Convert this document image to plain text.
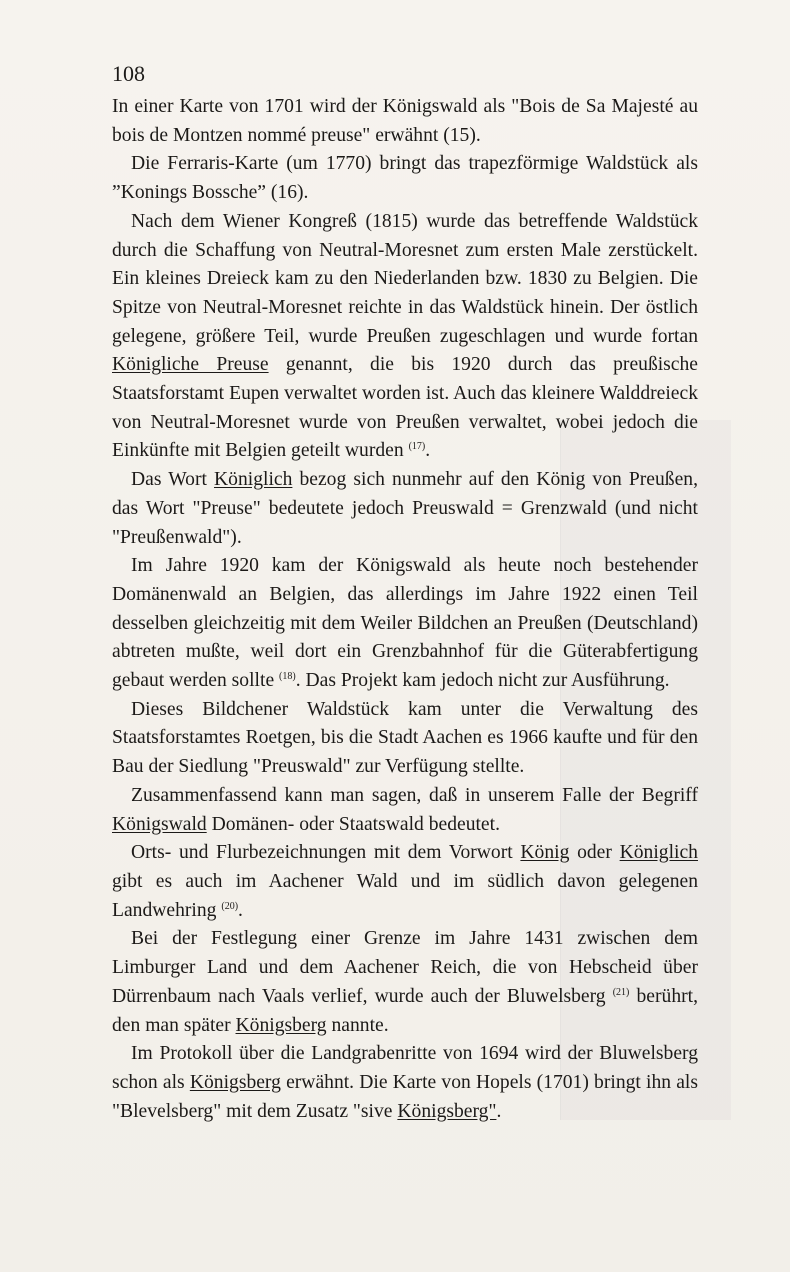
108

In einer Karte von 1701 wird der Königswald als "Bois de Sa Majesté au bois de Montzen nommé preuse" erwähnt (15).

Die Ferraris-Karte (um 1770) bringt das trapezförmige Waldstück als ”Konings Bossche” (16).

Nach dem Wiener Kongreß (1815) wurde das betreffende Waldstück durch die Schaffung von Neutral-Moresnet zum ersten Male zerstückelt. Ein kleines Dreieck kam zu den Niederlanden bzw. 1830 zu Belgien. Die Spitze von Neutral-Moresnet reichte in das Waldstück hinein. Der östlich gelegene, größere Teil, wurde Preußen zugeschlagen und wurde fortan Königliche Preuse genannt, die bis 1920 durch das preußische Staatsforstamt Eupen verwaltet worden ist. Auch das kleinere Walddreieck von Neutral-Moresnet wurde von Preußen verwaltet, wobei jedoch die Einkünfte mit Belgien geteilt wurden $^{(17)}$.

Das Wort Königlich bezog sich nunmehr auf den König von Preußen, das Wort "Preuse" bedeutete jedoch Preuswald = Grenzwald (und nicht "Preußenwald").

Im Jahre 1920 kam der Königswald als heute noch bestehender Domänenwald an Belgien, das allerdings im Jahre 1922 einen Teil desselben gleichzeitig mit dem Weiler Bildchen an Preußen (Deutschland) abtreten mußte, weil dort ein Grenzbahnhof für die Güterabfertigung gebaut werden sollte $^{(18)}$. Das Projekt kam jedoch nicht zur Ausführung.

Dieses Bildchener Waldstück kam unter die Verwaltung des Staatsforstamtes Roetgen, bis die Stadt Aachen es 1966 kaufte und für den Bau der Siedlung "Preuswald" zur Verfügung stellte.

Zusammenfassend kann man sagen, daß in unserem Falle der Begriff Königswald Domänen- oder Staatswald bedeutet.

Orts- und Flurbezeichnungen mit dem Vorwort König oder Königlich gibt es auch im Aachener Wald und im südlich davon gelegenen Landwehring $^{(20)}$.

Bei der Festlegung einer Grenze im Jahre 1431 zwischen dem Limburger Land und dem Aachener Reich, die von Hebscheid über Dürrenbaum nach Vaals verlief, wurde auch der Bluwelsberg $^{(21)}$ berührt, den man später Königsberg nannte.

Im Protokoll über die Landgrabenritte von 1694 wird der Bluwelsberg schon als Königsberg erwähnt. Die Karte von Hopels (1701) bringt ihn als "Blevelsberg" mit dem Zusatz "sive Königsberg".
